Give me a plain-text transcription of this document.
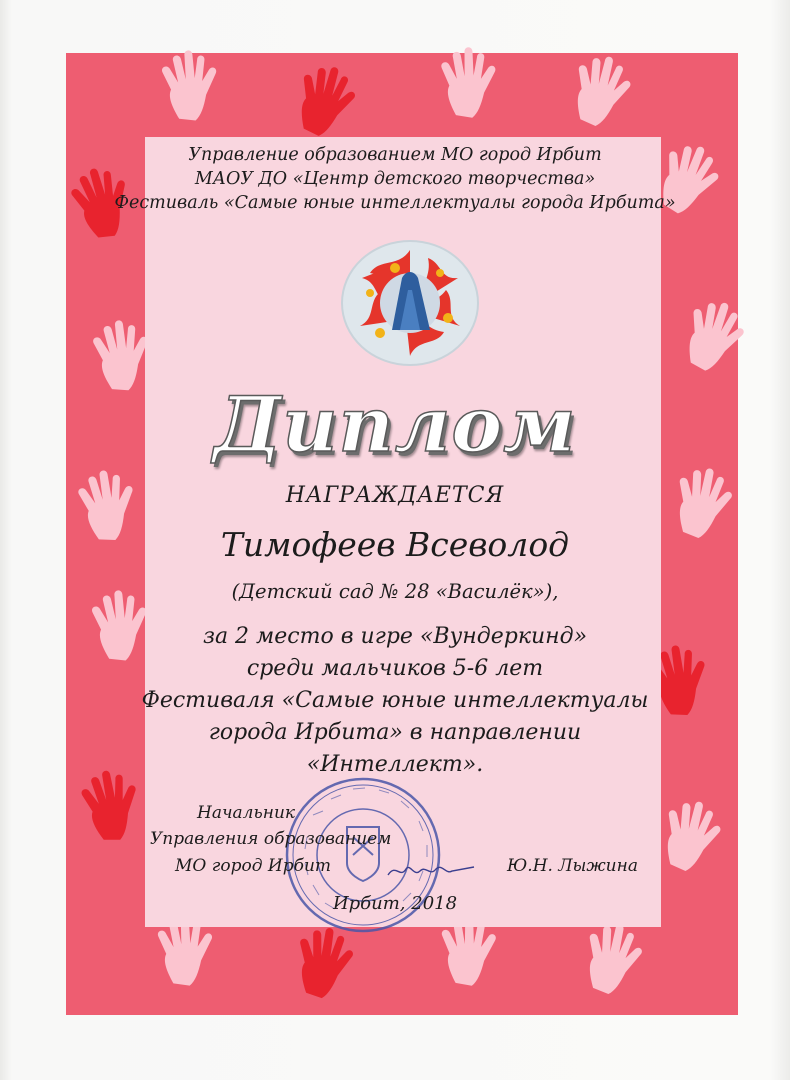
Управление образованием МО город Ирбит
МАОУ ДО «Центр детского творчества»
Фестиваль «Самые юные интеллектуалы города Ирбита»
Диплом
НАГРАЖДАЕТСЯ
Тимофеев Всеволод
(Детский сад № 28 «Василёк»),
за 2 место в игре «Вундеркинд»
среди мальчиков 5-6 лет
Фестиваля «Самые юные интеллектуалы
города Ирбита» в направлении
«Интеллект».
Начальник
Управления образованием
МО город Ирбит	Ю.Н. Лыжина
Ирбит, 2018
